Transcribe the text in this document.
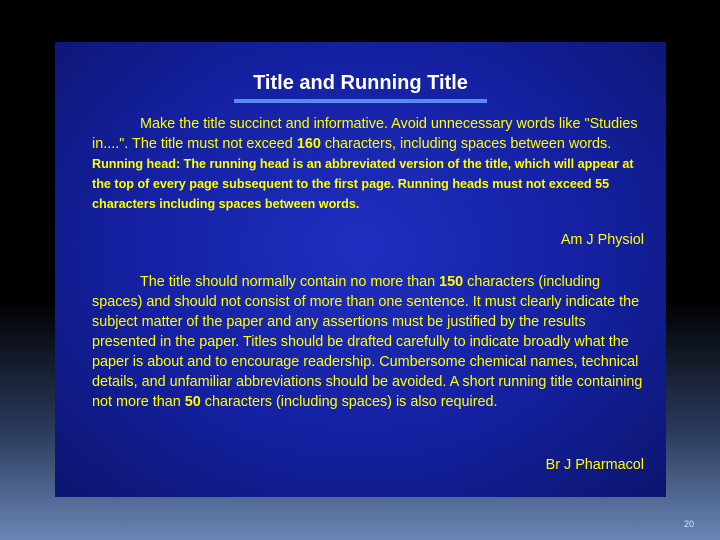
Title and Running Title

Make the title succinct and informative. Avoid unnecessary words like "Studies in....". The title must not exceed 160 characters, including spaces between words. Running head: The running head is an abbreviated version of the title, which will appear at the top of every page subsequent to the first page. Running heads must not exceed 55 characters including spaces between words.

Am J Physiol

The title should normally contain no more than 150 characters (including spaces) and should not consist of more than one sentence. It must clearly indicate the subject matter of the paper and any assertions must be justified by the results presented in the paper. Titles should be drafted carefully to indicate broadly what the paper is about and to encourage readership. Cumbersome chemical names, technical details, and unfamiliar abbreviations should be avoided. A short running title containing not more than 50 characters (including spaces) is also required.

Br J Pharmacol

20
